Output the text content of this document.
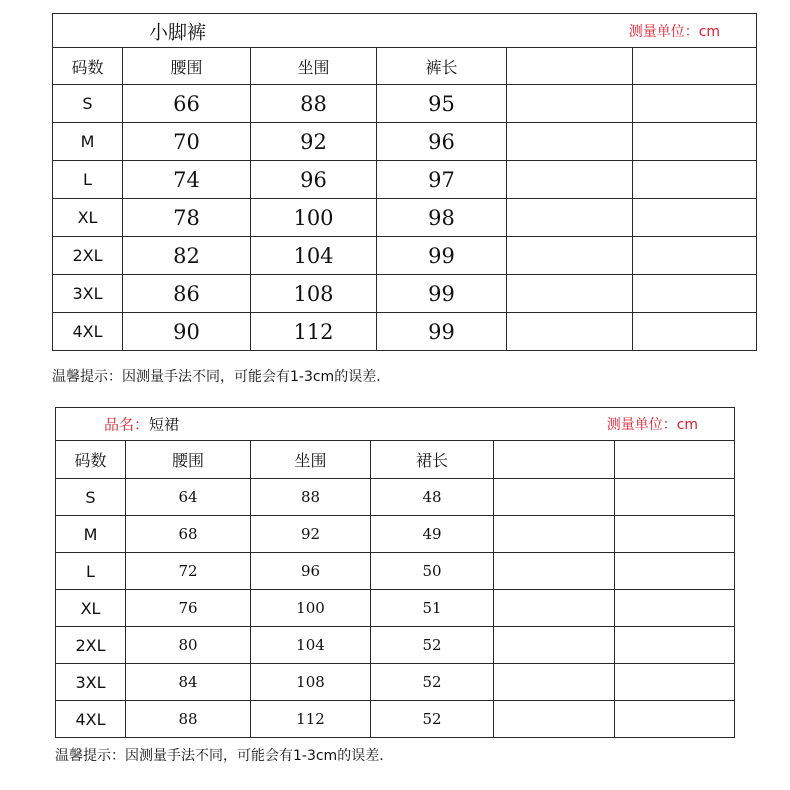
小脚裤 测量单位：cm					

码数	腰围	坐围	裤长		
S	66	88	95		
M	70	92	96		
L	74	96	97		
XL	78	100	98		
2XL	82	104	99		
3XL	86	108	99		
4XL	90	112	99		
温馨提示：因测量手法不同，可能会有1-3cm的误差.
品名：短裙 测量单位：cm					

码数	腰围	坐围	裙长		
S	64	88	48		
M	68	92	49		
L	72	96	50		
XL	76	100	51		
2XL	80	104	52		
3XL	84	108	52		
4XL	88	112	52		
温馨提示：因测量手法不同，可能会有1-3cm的误差.
